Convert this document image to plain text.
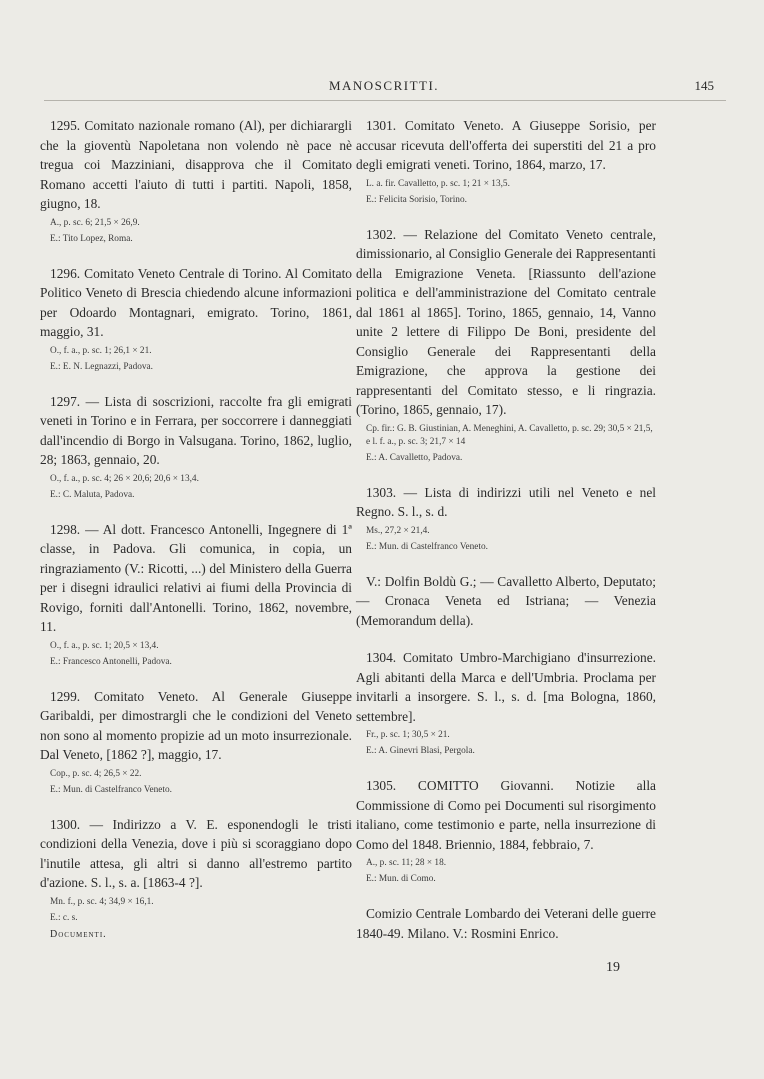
MANOSCRITTI.	145

1295. Comitato nazionale romano (Al), per dichiarargli che la gioventù Napoletana non volendo nè pace nè tregua coi Mazziniani, disapprova che il Comitato Romano accetti l'aiuto di tutti i partiti. Napoli, 1858, giugno, 18.

A., p. sc. 6; 21,5 × 26,9.
E.: Tito Lopez, Roma.

1296. Comitato Veneto Centrale di Torino. Al Comitato Politico Veneto di Brescia chiedendo alcune informazioni per Odoardo Montagnari, emigrato. Torino, 1861, maggio, 31.

O., f. a., p. sc. 1; 26,1 × 21.
E.: E. N. Legnazzi, Padova.

1297. — Lista di soscrizioni, raccolte fra gli emigrati veneti in Torino e in Ferrara, per soccorrere i danneggiati dall'incendio di Borgo in Valsugana. Torino, 1862, luglio, 28; 1863, gennaio, 20.

O., f. a., p. sc. 4; 26 × 20,6; 20,6 × 13,4.
E.: C. Maluta, Padova.

1298. — Al dott. Francesco Antonelli, Ingegnere di 1ª classe, in Padova. Gli comunica, in copia, un ringraziamento (V.: Ricotti, ...) del Ministero della Guerra per i disegni idraulici relativi ai fiumi della Provincia di Rovigo, forniti dall'Antonelli. Torino, 1862, novembre, 11.

O., f. a., p. sc. 1; 20,5 × 13,4.
E.: Francesco Antonelli, Padova.

1299. Comitato Veneto. Al Generale Giuseppe Garibaldi, per dimostrargli che le condizioni del Veneto non sono al momento propizie ad un moto insurrezionale. Dal Veneto, [1862 ?], maggio, 17.

Cop., p. sc. 4; 26,5 × 22.
E.: Mun. di Castelfranco Veneto.

1300. — Indirizzo a V. E. esponendogli le tristi condizioni della Venezia, dove i più si scoraggiano dopo l'inutile attesa, gli altri si danno all'estremo partito d'azione. S. l., s. a. [1863-4 ?].

Mn. f., p. sc. 4; 34,9 × 16,1.
E.: c. s.
Documenti.

1301. Comitato Veneto. A Giuseppe Sorisio, per accusar ricevuta dell'offerta dei superstiti del 21 a pro degli emigrati veneti. Torino, 1864, marzo, 17.

L. a. fir. Cavalletto, p. sc. 1; 21 × 13,5.
E.: Felicita Sorisio, Torino.

1302. — Relazione del Comitato Veneto centrale, dimissionario, al Consiglio Generale dei Rappresentanti della Emigrazione Veneta. [Riassunto dell'azione politica e dell'amministrazione del Comitato centrale dal 1861 al 1865]. Torino, 1865, gennaio, 14, Vanno unite 2 lettere di Filippo De Boni, presidente del Consiglio Generale dei Rappresentanti della Emigrazione, che approva la gestione dei rappresentanti del Comitato stesso, e li ringrazia. (Torino, 1865, gennaio, 17).

Cp. fir.: G. B. Giustinian, A. Meneghini, A. Cavalletto, p. sc. 29; 30,5 × 21,5, e l. f. a., p. sc. 3; 21,7 × 14
E.: A. Cavalletto, Padova.

1303. — Lista di indirizzi utili nel Veneto e nel Regno. S. l., s. d.

Ms., 27,2 × 21,4.
E.: Mun. di Castelfranco Veneto.

V.: Dolfin Boldù G.; — Cavalletto Alberto, Deputato; — Cronaca Veneta ed Istriana; — Venezia (Memorandum della).

1304. Comitato Umbro-Marchigiano d'insurrezione. Agli abitanti della Marca e dell'Umbria. Proclama per invitarli a insorgere. S. l., s. d. [ma Bologna, 1860, settembre].

Fr., p. sc. 1; 30,5 × 21.
E.: A. Ginevri Blasi, Pergola.

1305. COMITTO Giovanni. Notizie alla Commissione di Como pei Documenti sul risorgimento italiano, come testimonio e parte, nella insurrezione di Como del 1848. Briennio, 1884, febbraio, 7.

A., p. sc. 11; 28 × 18.
E.: Mun. di Como.

Comizio Centrale Lombardo dei Veterani delle guerre 1840-49. Milano. V.: Rosmini Enrico.

19
